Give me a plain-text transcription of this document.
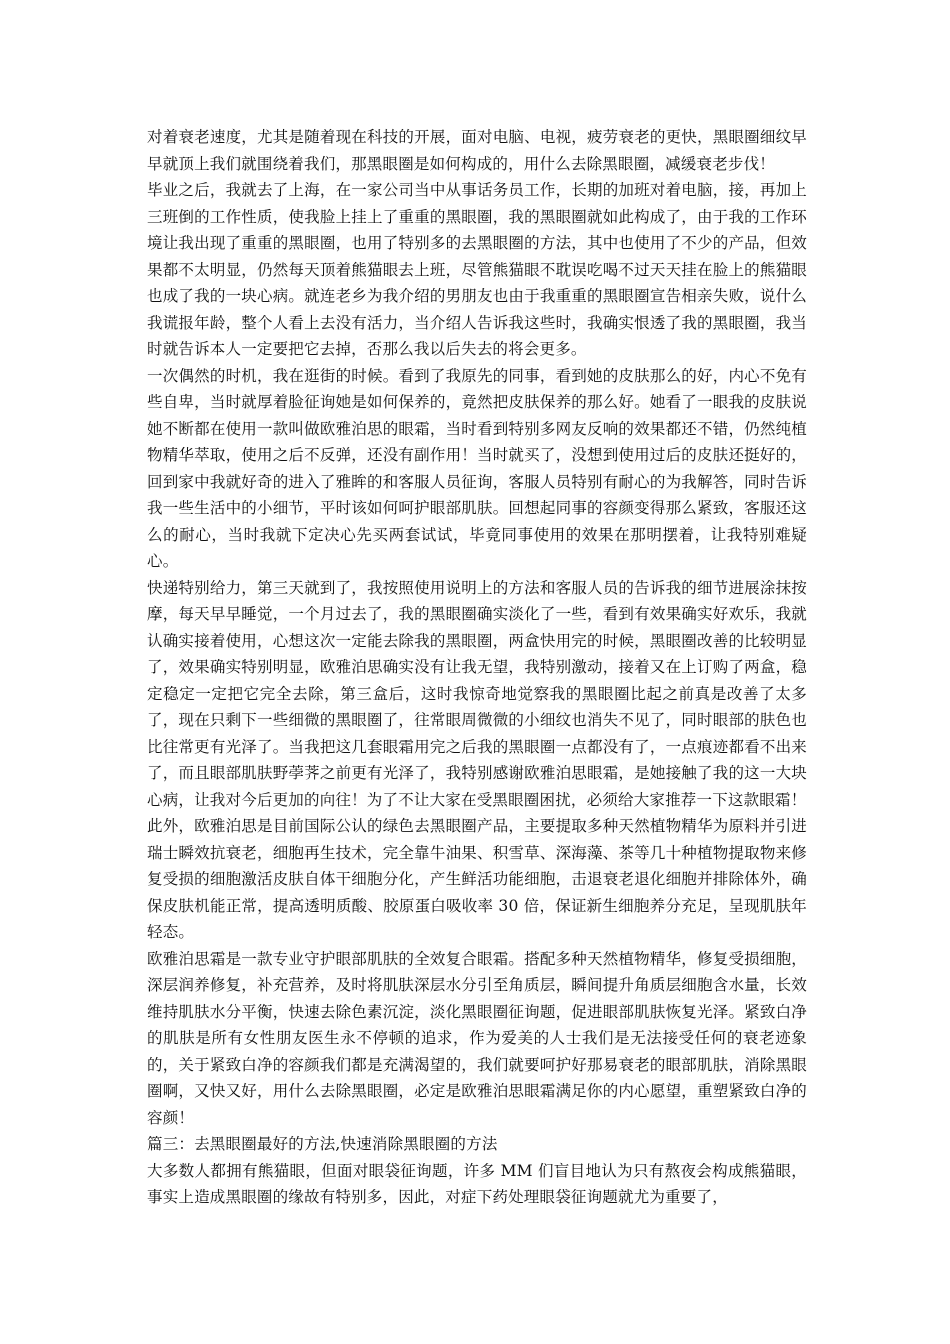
对着衰老速度，尤其是随着现在科技的开展，面对电脑、电视，疲劳衰老的更快，黑眼圈细纹早早就顶上我们就围绕着我们，那黑眼圈是如何构成的，用什么去除黑眼圈，减缓衰老步伐！

毕业之后，我就去了上海，在一家公司当中从事话务员工作，长期的加班对着电脑，接，再加上三班倒的工作性质，使我脸上挂上了重重的黑眼圈，我的黑眼圈就如此构成了，由于我的工作环境让我出现了重重的黑眼圈，也用了特别多的去黑眼圈的方法，其中也使用了不少的产品，但效果都不太明显，仍然每天顶着熊猫眼去上班，尽管熊猫眼不耽误吃喝不过天天挂在脸上的熊猫眼也成了我的一块心病。就连老乡为我介绍的男朋友也由于我重重的黑眼圈宣告相亲失败，说什么我谎报年龄，整个人看上去没有活力，当介绍人告诉我这些时，我确实恨透了我的黑眼圈，我当时就告诉本人一定要把它去掉，否那么我以后失去的将会更多。

一次偶然的时机，我在逛街的时候。看到了我原先的同事，看到她的皮肤那么的好，内心不免有些自卑，当时就厚着脸征询她是如何保养的，竟然把皮肤保养的那么好。她看了一眼我的皮肤说她不断都在使用一款叫做欧雅泊思的眼霜，当时看到特别多网友反响的效果都还不错，仍然纯植物精华萃取，使用之后不反弹，还没有副作用！当时就买了，没想到使用过后的皮肤还挺好的，回到家中我就好奇的进入了雅眸的和客服人员征询，客服人员特别有耐心的为我解答，同时告诉我一些生活中的小细节，平时该如何呵护眼部肌肤。回想起同事的容颜变得那么紧致，客服还这么的耐心，当时我就下定决心先买两套试试，毕竟同事使用的效果在那明摆着，让我特别难疑心。

快递特别给力，第三天就到了，我按照使用说明上的方法和客服人员的告诉我的细节进展涂抹按摩，每天早早睡觉，一个月过去了，我的黑眼圈确实淡化了一些，看到有效果确实好欢乐，我就认确实接着使用，心想这次一定能去除我的黑眼圈，两盒快用完的时候，黑眼圈改善的比较明显了，效果确实特别明显，欧雅泊思确实没有让我无望，我特别激动，接着又在上订购了两盒，稳定稳定一定把它完全去除，第三盒后，这时我惊奇地觉察我的黑眼圈比起之前真是改善了太多了，现在只剩下一些细微的黑眼圈了，往常眼周微微的小细纹也消失不见了，同时眼部的肤色也比往常更有光泽了。当我把这几套眼霜用完之后我的黑眼圈一点都没有了，一点痕迹都看不出来了，而且眼部肌肤野荸荠之前更有光泽了，我特别感谢欧雅泊思眼霜，是她接触了我的这一大块心病，让我对今后更加的向往！为了不让大家在受黑眼圈困扰，必须给大家推荐一下这款眼霜！

此外，欧雅泊思是目前国际公认的绿色去黑眼圈产品，主要提取多种天然植物精华为原料并引进瑞士瞬效抗衰老，细胞再生技术，完全靠牛油果、积雪草、深海藻、茶等几十种植物提取物来修复受损的细胞激活皮肤自体干细胞分化，产生鲜活功能细胞，击退衰老退化细胞并排除体外，确保皮肤机能正常，提高透明质酸、胶原蛋白吸收率 30 倍，保证新生细胞养分充足，呈现肌肤年轻态。

欧雅泊思霜是一款专业守护眼部肌肤的全效复合眼霜。搭配多种天然植物精华，修复受损细胞，深层润养修复，补充营养，及时将肌肤深层水分引至角质层，瞬间提升角质层细胞含水量，长效维持肌肤水分平衡，快速去除色素沉淀，淡化黑眼圈征询题，促进眼部肌肤恢复光泽。紧致白净的肌肤是所有女性朋友医生永不停顿的追求，作为爱美的人士我们是无法接受任何的衰老迹象的，关于紧致白净的容颜我们都是充满渴望的，我们就要呵护好那易衰老的眼部肌肤，消除黑眼圈啊，又快又好，用什么去除黑眼圈，必定是欧雅泊思眼霜满足你的内心愿望，重塑紧致白净的容颜！

篇三：去黑眼圈最好的方法,快速消除黑眼圈的方法

大多数人都拥有熊猫眼，但面对眼袋征询题，许多 MM 们盲目地认为只有熬夜会构成熊猫眼，事实上造成黑眼圈的缘故有特别多，因此，对症下药处理眼袋征询题就尤为重要了，
